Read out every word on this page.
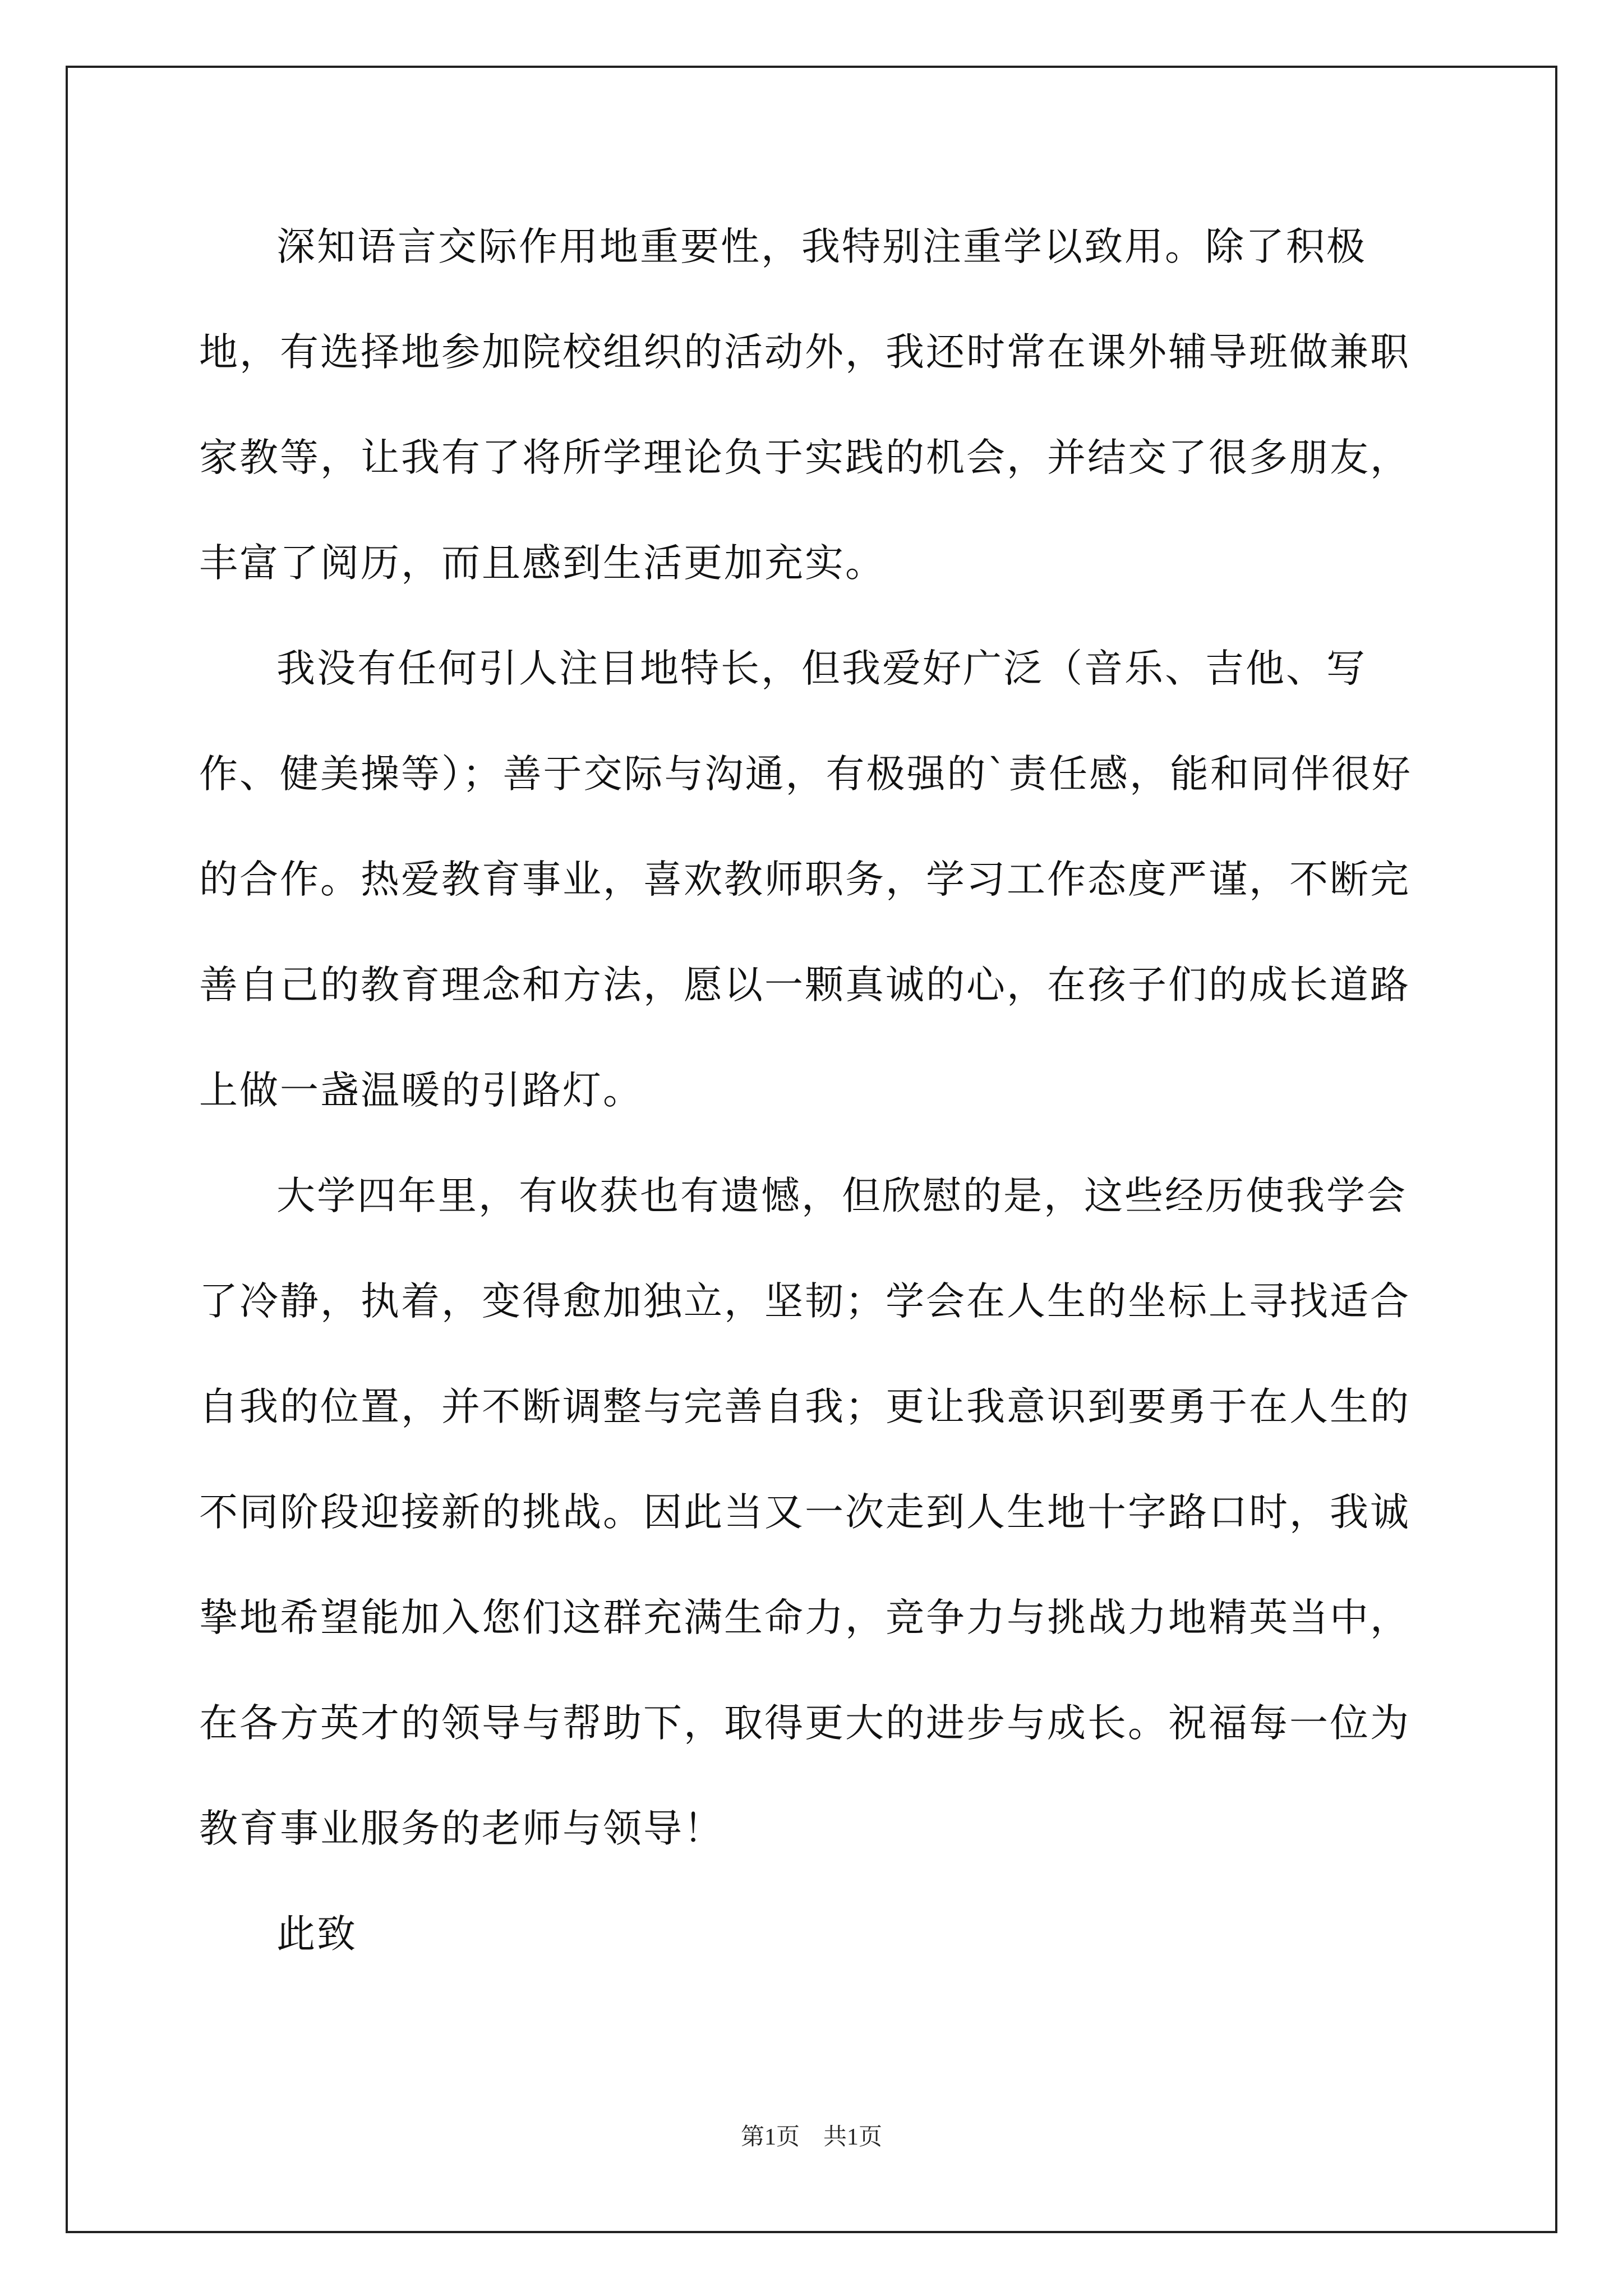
深知语言交际作用地重要性，我特别注重学以致用。除了积极地，有选择地参加院校组织的活动外，我还时常在课外辅导班做兼职家教等，让我有了将所学理论负于实践的机会，并结交了很多朋友，丰富了阅历，而且感到生活更加充实。

我没有任何引人注目地特长，但我爱好广泛（音乐、吉他、写作、健美操等）；善于交际与沟通，有极强的`责任感，能和同伴很好的合作。热爱教育事业，喜欢教师职务，学习工作态度严谨，不断完善自己的教育理念和方法，愿以一颗真诚的心，在孩子们的成长道路上做一盏温暖的引路灯。

大学四年里，有收获也有遗憾，但欣慰的是，这些经历使我学会了冷静，执着，变得愈加独立，坚韧；学会在人生的坐标上寻找适合自我的位置，并不断调整与完善自我；更让我意识到要勇于在人生的不同阶段迎接新的挑战。因此当又一次走到人生地十字路口时，我诚挚地希望能加入您们这群充满生命力，竞争力与挑战力地精英当中，在各方英才的领导与帮助下，取得更大的进步与成长。祝福每一位为教育事业服务的老师与领导！

此致

第1页　共1页
